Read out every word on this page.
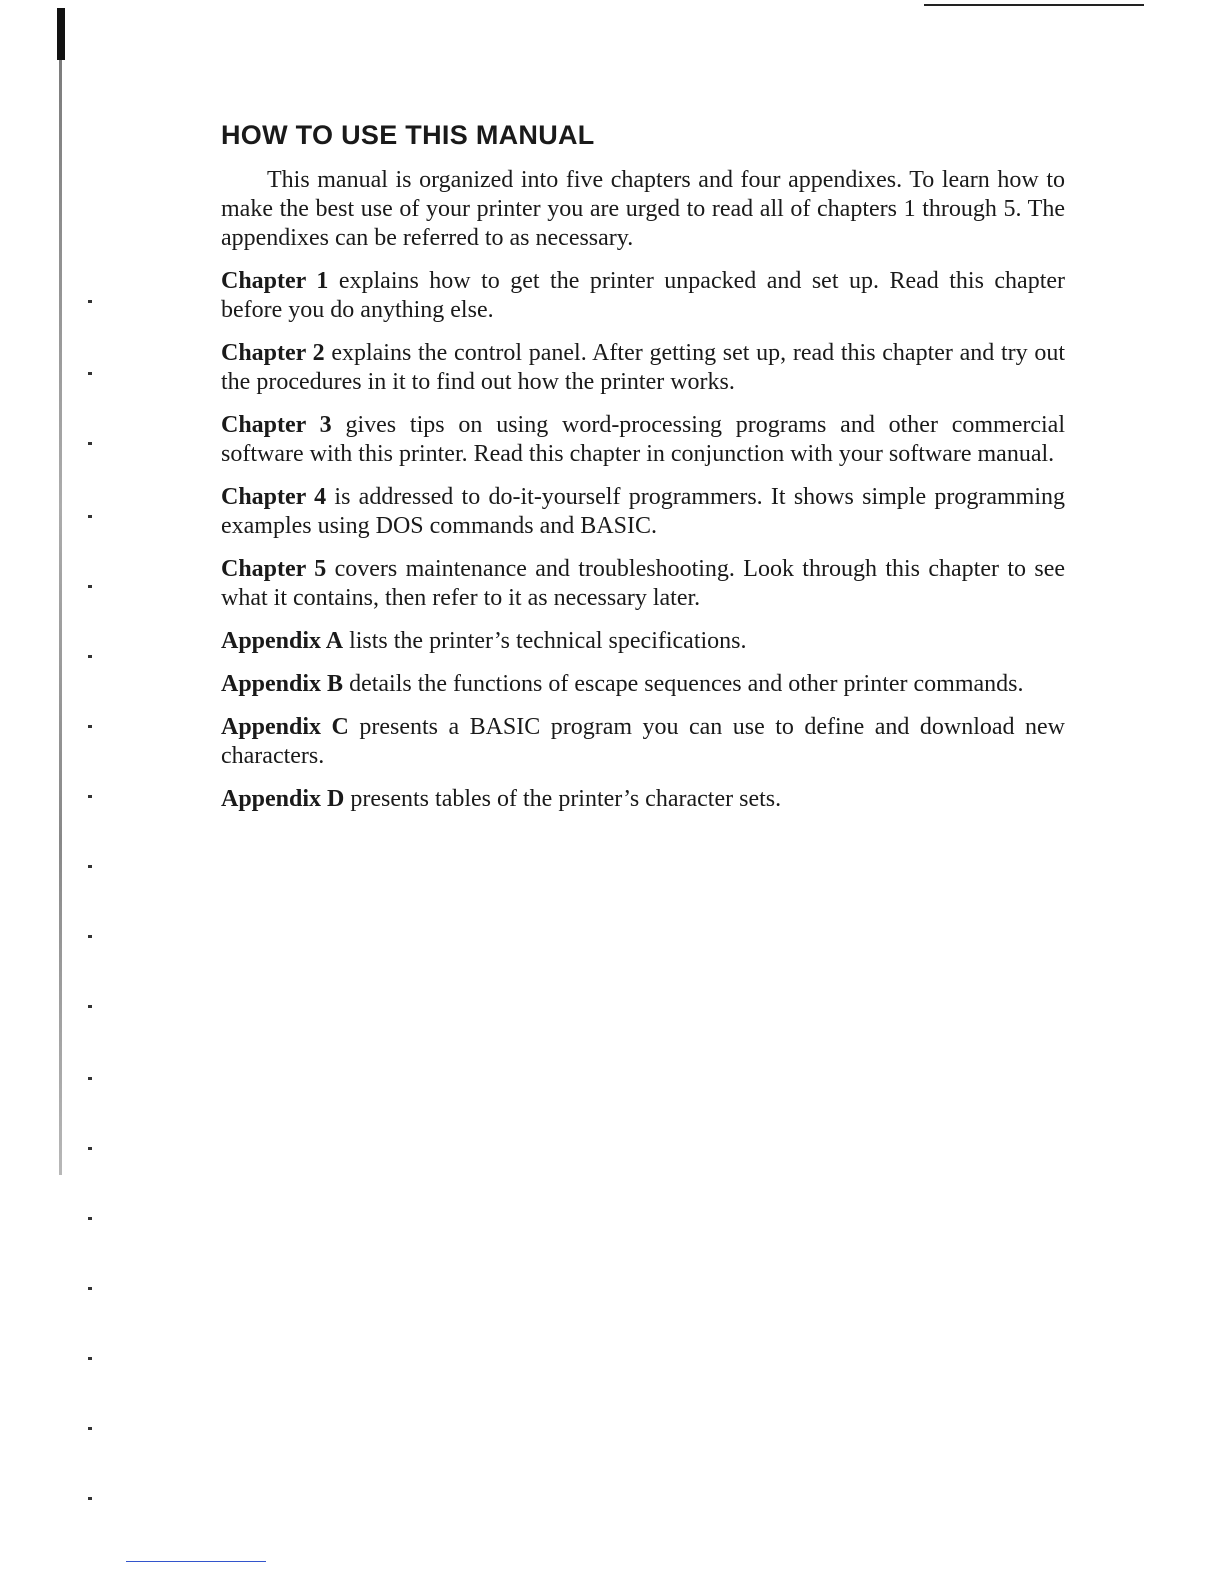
HOW TO USE THIS MANUAL

This manual is organized into five chapters and four appendixes. To learn how to make the best use of your printer you are urged to read all of chapters 1 through 5. The appendixes can be referred to as necessary.

Chapter 1 explains how to get the printer unpacked and set up. Read this chapter before you do anything else.

Chapter 2 explains the control panel. After getting set up, read this chapter and try out the procedures in it to find out how the printer works.

Chapter 3 gives tips on using word-processing programs and other commercial software with this printer. Read this chapter in conjunction with your software manual.

Chapter 4 is addressed to do-it-yourself programmers. It shows simple programming examples using DOS commands and BASIC.

Chapter 5 covers maintenance and troubleshooting. Look through this chapter to see what it contains, then refer to it as necessary later.

Appendix A lists the printer’s technical specifications.

Appendix B details the functions of escape sequences and other printer commands.

Appendix C presents a BASIC program you can use to define and download new characters.

Appendix D presents tables of the printer’s character sets.
